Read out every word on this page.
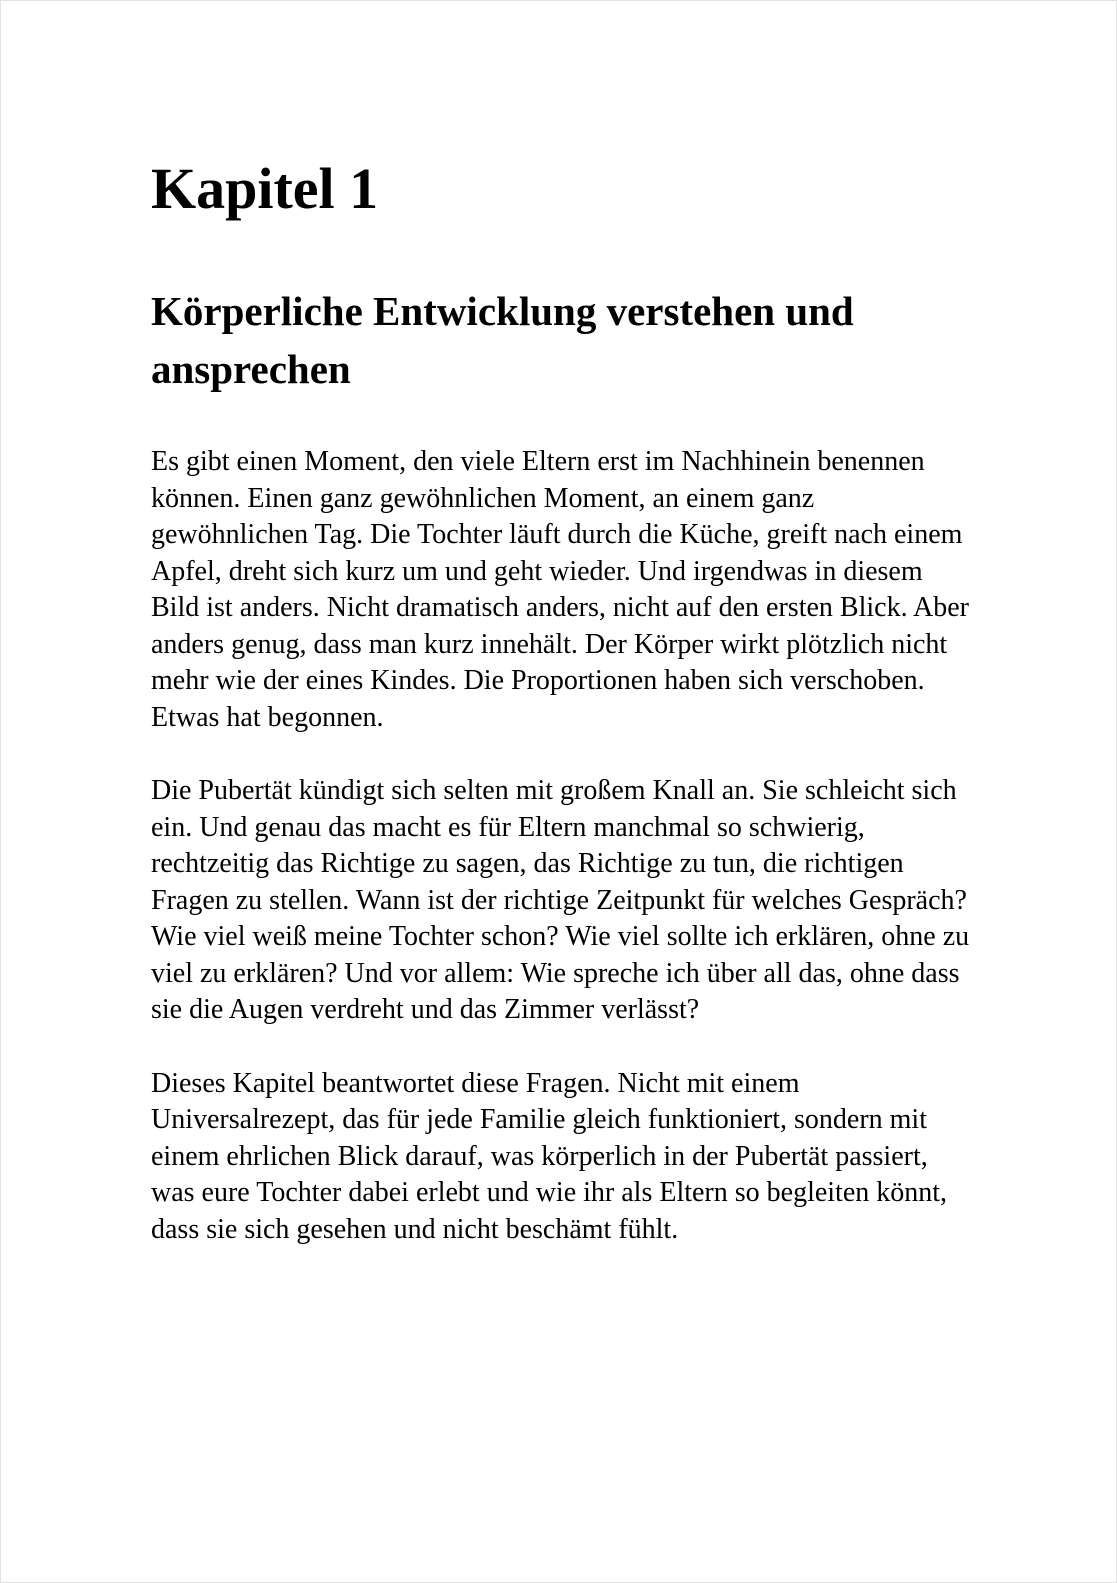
Kapitel 1
Körperliche Entwicklung verstehen und ansprechen

Es gibt einen Moment, den viele Eltern erst im Nachhinein benennen können. Einen ganz gewöhnlichen Moment, an einem ganz gewöhnlichen Tag. Die Tochter läuft durch die Küche, greift nach einem Apfel, dreht sich kurz um und geht wieder. Und irgendwas in diesem Bild ist anders. Nicht dramatisch anders, nicht auf den ersten Blick. Aber anders genug, dass man kurz innehält. Der Körper wirkt plötzlich nicht mehr wie der eines Kindes. Die Proportionen haben sich verschoben. Etwas hat begonnen.

Die Pubertät kündigt sich selten mit großem Knall an. Sie schleicht sich ein. Und genau das macht es für Eltern manchmal so schwierig, rechtzeitig das Richtige zu sagen, das Richtige zu tun, die richtigen Fragen zu stellen. Wann ist der richtige Zeitpunkt für welches Gespräch? Wie viel weiß meine Tochter schon? Wie viel sollte ich erklären, ohne zu viel zu erklären? Und vor allem: Wie spreche ich über all das, ohne dass sie die Augen verdreht und das Zimmer verlässt?

Dieses Kapitel beantwortet diese Fragen. Nicht mit einem Universalrezept, das für jede Familie gleich funktioniert, sondern mit einem ehrlichen Blick darauf, was körperlich in der Pubertät passiert, was eure Tochter dabei erlebt und wie ihr als Eltern so begleiten könnt, dass sie sich gesehen und nicht beschämt fühlt.
